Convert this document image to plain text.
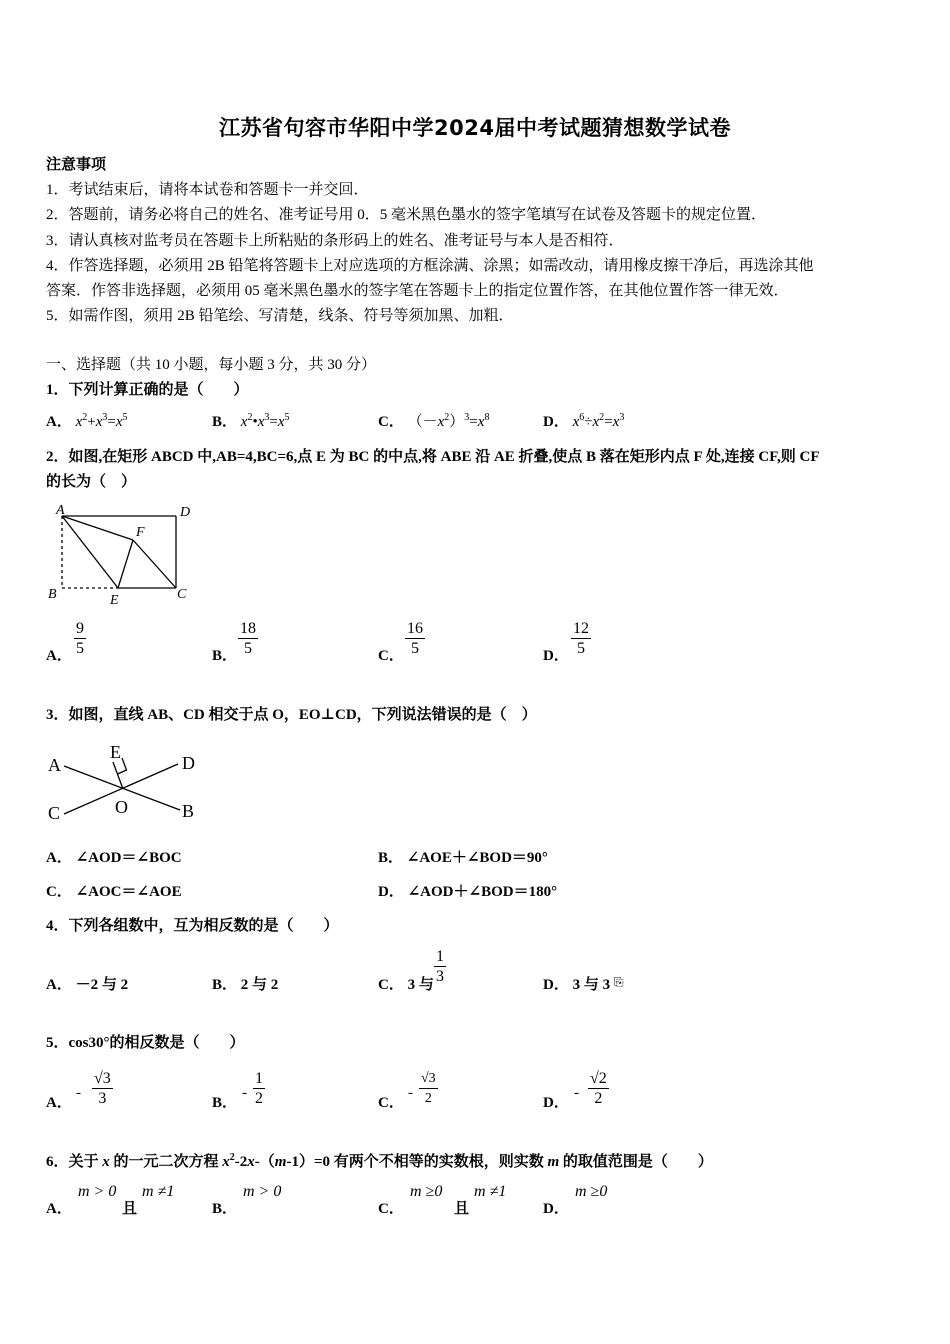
江苏省句容市华阳中学2024届中考试题猜想数学试卷
注意事项
1．考试结束后，请将本试卷和答题卡一并交回．
2．答题前，请务必将自己的姓名、准考证号用 0．5 毫米黑色墨水的签字笔填写在试卷及答题卡的规定位置．
3．请认真核对监考员在答题卡上所粘贴的条形码上的姓名、准考证号与本人是否相符．
4．作答选择题，必须用 2B 铅笔将答题卡上对应选项的方框涂满、涂黑；如需改动，请用橡皮擦干净后，再选涂其他
答案．作答非选择题，必须用 05 毫米黑色墨水的签字笔在答题卡上的指定位置作答，在其他位置作答一律无效．
5．如需作图，须用 2B 铅笔绘、写清楚，线条、符号等须加黑、加粗．
一、选择题（共 10 小题，每小题 3 分，共 30 分）
1．下列计算正确的是（　　）
A． $x^2+x^3=x^5$	B． $x^2•x^3=x^5$	C． $(-x^2)^3=x^8$	D． $x^6\div x^2=x^3$
2．如图,在矩形 ABCD 中,AB=4,BC=6,点 E 为 BC 的中点,将 ABE 沿 AE 折叠,使点 B 落在矩形内点 F 处,连接 CF,则 CF
的长为（　）
A	D
F
B	E	C
A． $\frac{9}{5}$	B． $\frac{18}{5}$	C． $\frac{16}{5}$	D． $\frac{12}{5}$
3．如图，直线 AB、CD 相交于点 O，EO⊥CD，下列说法错误的是（　）
A	D
E
C	O	B
A． ∠AOD＝∠BOC	B． ∠AOE＋∠BOD＝90°
C． ∠AOC＝∠AOE	D． ∠AOD＋∠BOD＝180°
4．下列各组数中，互为相反数的是（　　）
A． －2 与 2	B． 2 与 2	C． 3 与 $\frac{1}{3}$	D． 3 与 3 ⎘
5．cos30°的相反数是（　　）
A．
- $\frac{√3}{3}$	B．
- $\frac{1}{2}$	C．
- $\frac{√3}{2}$	D．
- $\frac{√2}{2}$
6．关于 x 的一元二次方程 $x^2-2x-(m-1)=0$ 有两个不相等的实数根，则实数 m 的取值范围是（　　）
A．
m > 0
且
m ≠1
B．
m > 0
C．
m ≥0
且
m ≠1
D．
m ≥0
